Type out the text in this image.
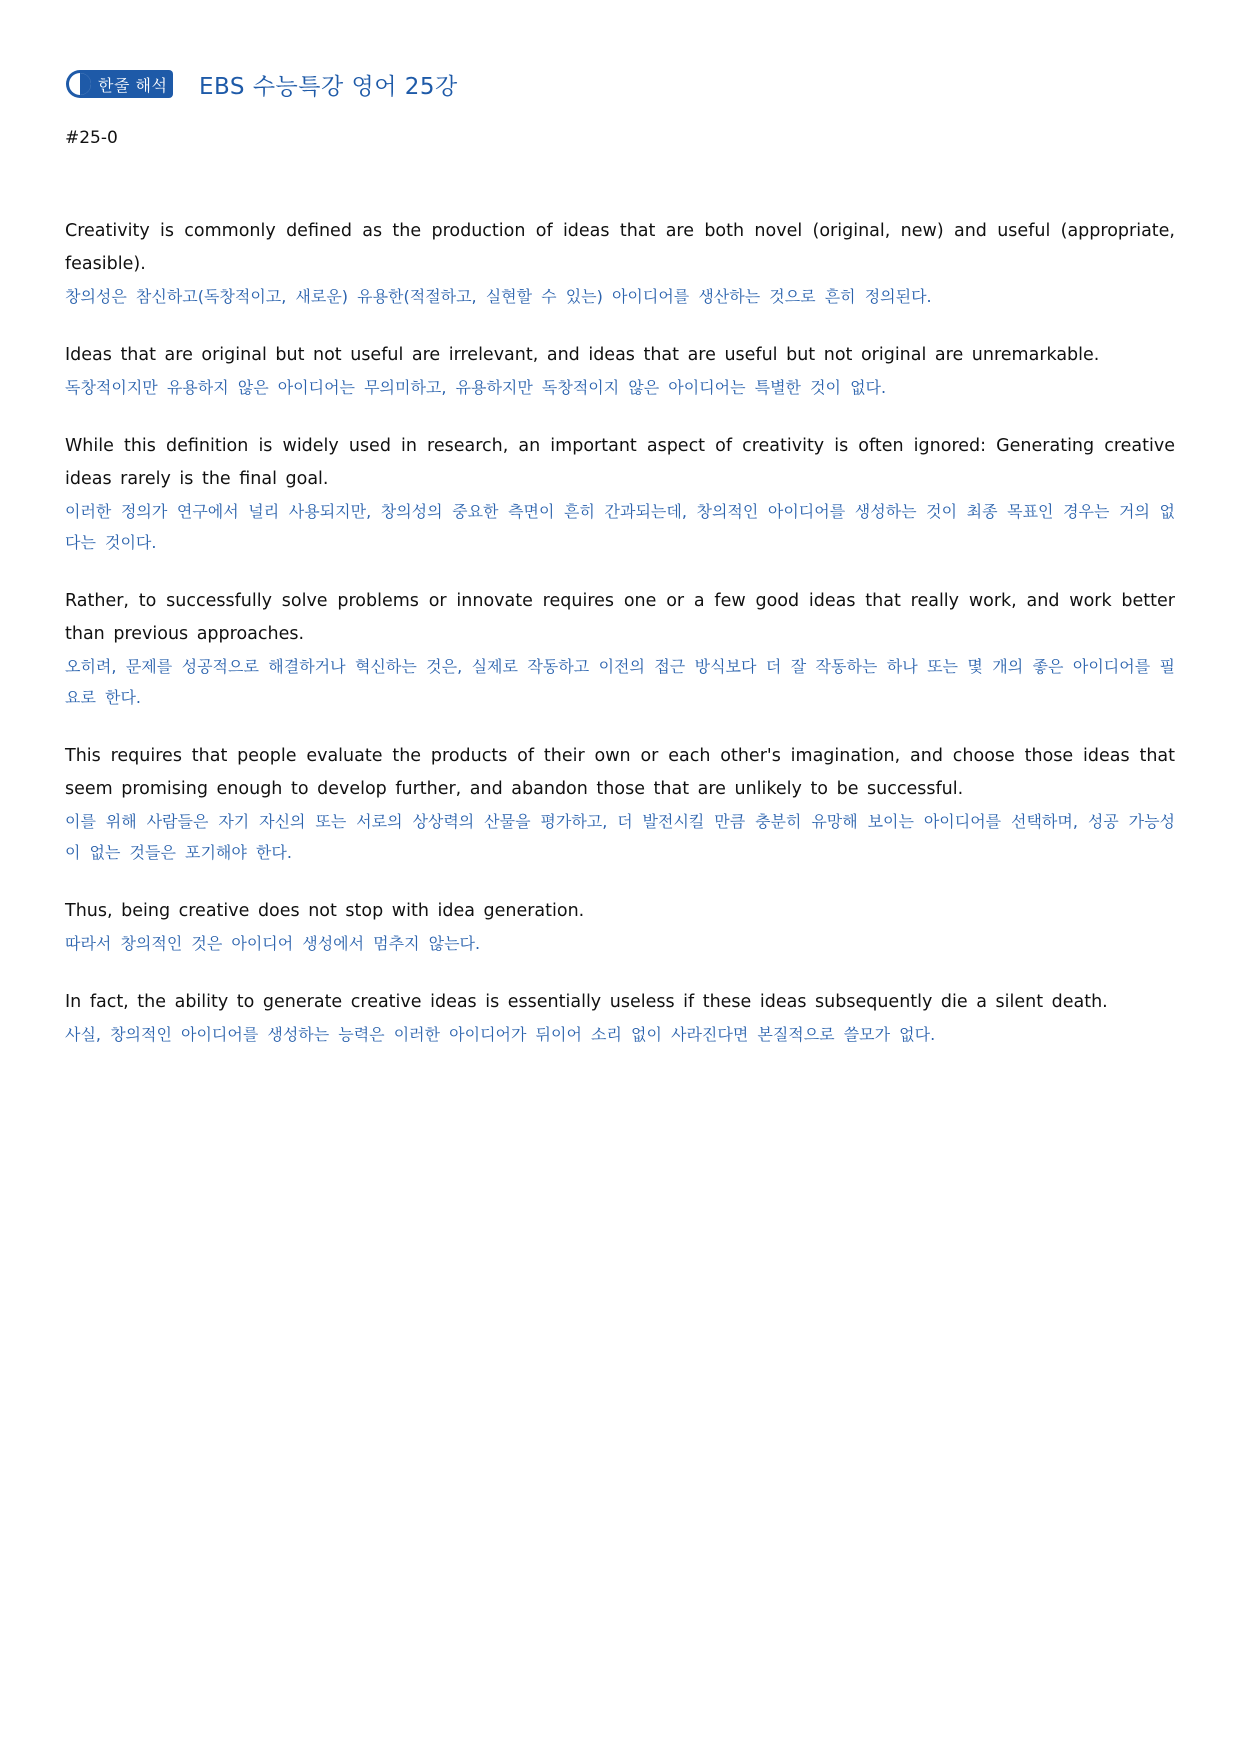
한줄 해석 EBS 수능특강 영어 25강
#25-0

Creativity is commonly defined as the production of ideas that are both novel (original, new) and useful (appropriate, feasible).

창의성은 참신하고(독창적이고, 새로운) 유용한(적절하고, 실현할 수 있는) 아이디어를 생산하는 것으로 흔히 정의된다.

Ideas that are original but not useful are irrelevant, and ideas that are useful but not original are unremarkable.

독창적이지만 유용하지 않은 아이디어는 무의미하고, 유용하지만 독창적이지 않은 아이디어는 특별한 것이 없다.

While this definition is widely used in research, an important aspect of creativity is often ignored: Generating creative ideas rarely is the final goal.

이러한 정의가 연구에서 널리 사용되지만, 창의성의 중요한 측면이 흔히 간과되는데, 창의적인 아이디어를 생성하는 것이 최종 목표인 경우는 거의 없다는 것이다.

Rather, to successfully solve problems or innovate requires one or a few good ideas that really work, and work better than previous approaches.

오히려, 문제를 성공적으로 해결하거나 혁신하는 것은, 실제로 작동하고 이전의 접근 방식보다 더 잘 작동하는 하나 또는 몇 개의 좋은 아이디어를 필요로 한다.

This requires that people evaluate the products of their own or each other's imagination, and choose those ideas that seem promising enough to develop further, and abandon those that are unlikely to be successful.

이를 위해 사람들은 자기 자신의 또는 서로의 상상력의 산물을 평가하고, 더 발전시킬 만큼 충분히 유망해 보이는 아이디어를 선택하며, 성공 가능성이 없는 것들은 포기해야 한다.

Thus, being creative does not stop with idea generation.

따라서 창의적인 것은 아이디어 생성에서 멈추지 않는다.

In fact, the ability to generate creative ideas is essentially useless if these ideas subsequently die a silent death.

사실, 창의적인 아이디어를 생성하는 능력은 이러한 아이디어가 뒤이어 소리 없이 사라진다면 본질적으로 쓸모가 없다.
